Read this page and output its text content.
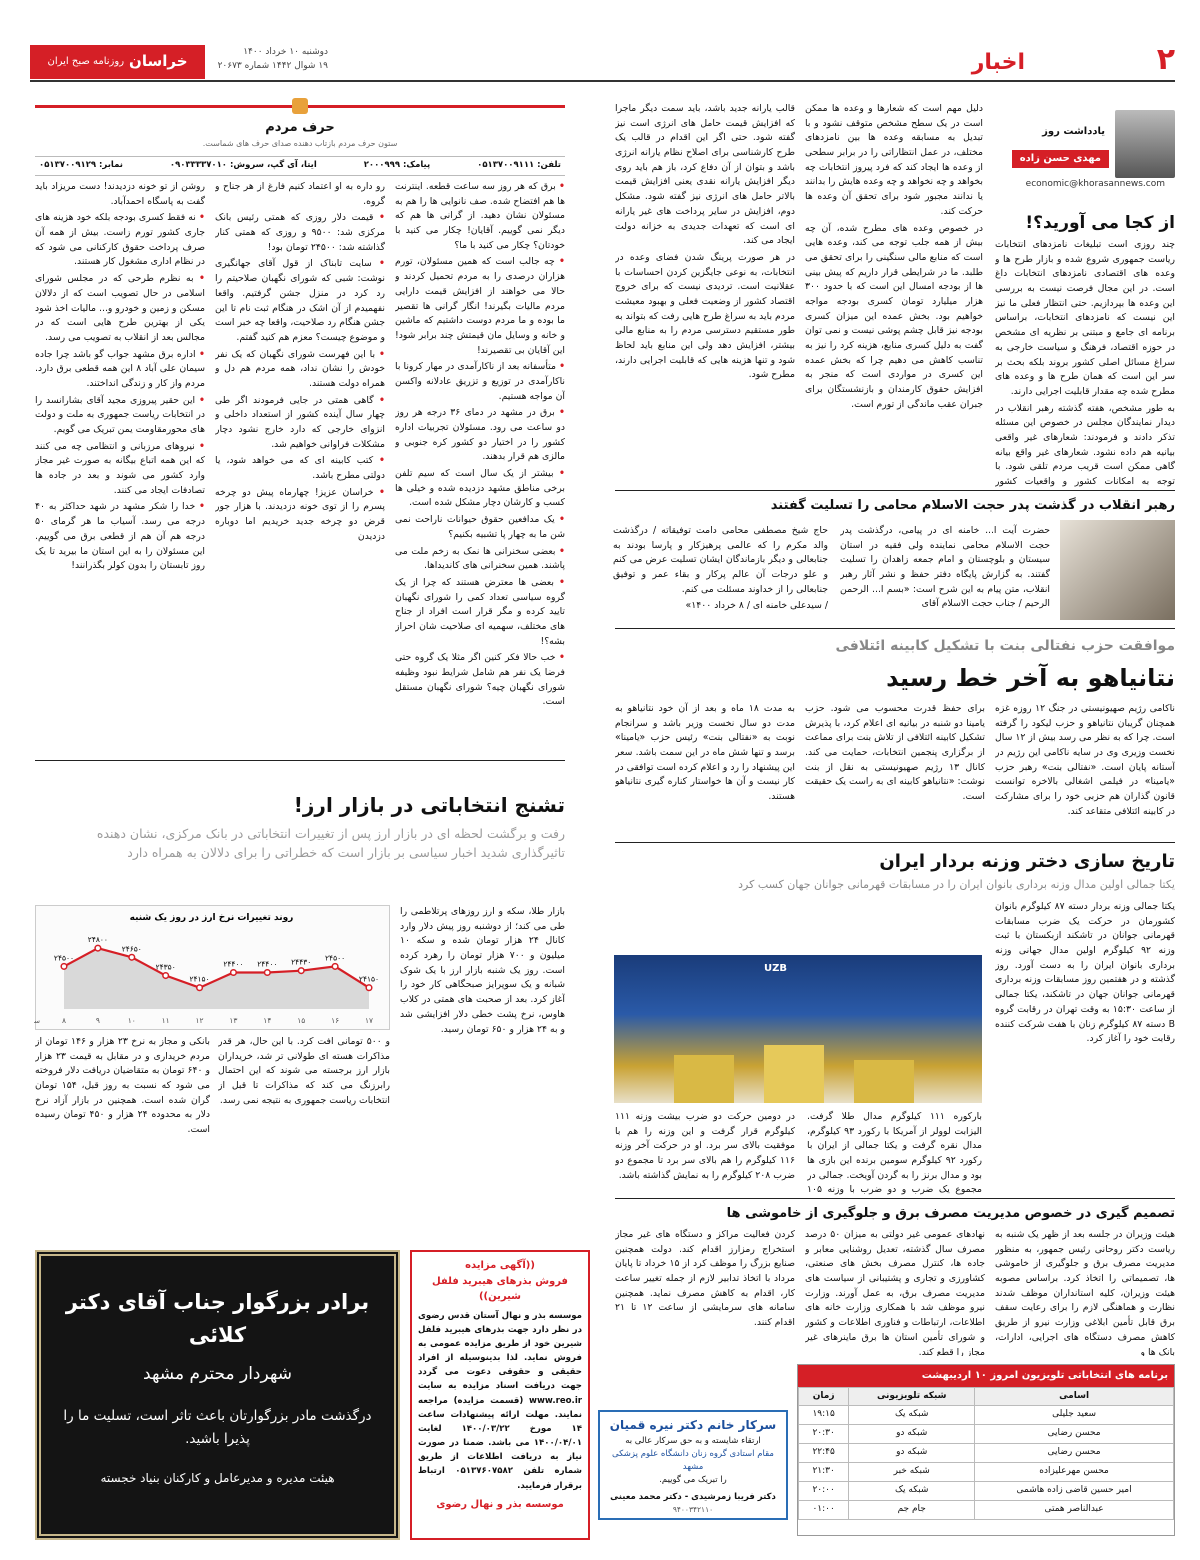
۲
اخبار
دوشنبه ۱۰ خرداد ۱۴۰۰
۱۹ شوال ۱۴۴۲ شماره ۲۰۶۷۳
خراسان
روزنامه صبح ایران
یادداشت روز
مهدی حسن زاده
economic@khorasannews.com
از کجا می آورید؟!

چند روزی است تبلیغات نامزدهای انتخابات ریاست جمهوری شروع شده و بازار طرح ها و وعده های اقتصادی نامزدهای انتخابات داغ است. در این مجال فرصت نیست به بررسی این وعده ها بپردازیم. حتی انتظار فعلی ما نیز این نیست که نامزدهای انتخابات، براساس برنامه ای جامع و مبتنی بر نظریه ای مشخص در حوزه اقتصاد، فرهنگ و سیاست خارجی به سراغ مسائل اصلی کشور بروند بلکه بحث بر سر این است که همان طرح ها و وعده های مطرح شده چه مقدار قابلیت اجرایی دارند.

به طور مشخص، هفته گذشته رهبر انقلاب در دیدار نمایندگان مجلس در خصوص این مسئله تذکر دادند و فرمودند: شعارهای غیر واقعی بیانیه هم داده نشود. شعارهای غیر واقع بیانه گاهی ممکن است قریب مردم تلقی شود. با توجه به امکانات کشور و واقعیات کشور

دلیل مهم است که شعارها و وعده ها ممکن است در یک سطح مشخص متوقف نشود و با تبدیل به مسابقه وعده ها بین نامزدهای مختلف، در عمل انتظاراتی را در برابر سطحی از وعده ها ایجاد کند که فرد پیروز انتخابات چه بخواهد و چه نخواهد و چه وعده هایش را بدانند یا ندانند مجبور شود برای تحقق آن وعده ها حرکت کند.

در خصوص وعده های مطرح شده، آن چه بیش از همه جلب توجه می کند، وعده هایی است که منابع مالی سنگینی را برای تحقق می طلبد. ما در شرایطی قرار داریم که پیش بینی ها از بودجه امسال این است که با حدود ۳۰۰ هزار میلیارد تومان کسری بودجه مواجه خواهیم بود. بخش عمده این میزان کسری بودجه نیز قابل چشم پوشی نیست و نمی توان گفت به دلیل کسری منابع، هزینه کرد را نیز به تناسب کاهش می دهیم چرا که بخش عمده این کسری در مواردی است که منجر به افزایش حقوق کارمندان و بازنشستگان برای جبران عقب ماندگی از تورم است.

قالب یارانه جدید باشد، باید سمت دیگر ماجرا که افزایش قیمت حامل های انرژی است نیز گفته شود. حتی اگر این اقدام در قالب یک طرح کارشناسی برای اصلاح نظام یارانه انرژی باشد و بتوان از آن دفاع کرد، باز هم باید روی دیگر افزایش یارانه نقدی یعنی افزایش قیمت بالاتر حامل های انرژی نیز گفته شود. مشکل دوم، افزایش در سایر پرداخت های غیر یارانه ای است که تعهدات جدیدی به خزانه دولت ایجاد می کند.

در هر صورت پرینگ شدن فضای وعده در انتخابات، به نوعی جایگزین کردن احساسات با عقلانیت است. تردیدی نیست که برای خروج اقتصاد کشور از وضعیت فعلی و بهبود معیشت مردم باید به سراغ طرح هایی رفت که بتواند به طور مستقیم دسترسی مردم را به منابع مالی بیشتر، افزایش دهد ولی این منابع باید لحاظ شود و تنها هزینه هایی که قابلیت اجرایی دارند، مطرح شود.

رهبر انقلاب در گذشت پدر حجت الاسلام محامی را تسلیت گفتند

حضرت آیت ا... خامنه ای در پیامی، درگذشت پدر حجت الاسلام محامی نماینده ولی فقیه در استان سیستان و بلوچستان و امام جمعه زاهدان را تسلیت گفتند. به گزارش پایگاه دفتر حفظ و نشر آثار رهبر انقلاب، متن پیام به این شرح است: «بسم ا... الرحمن الرحیم / جناب حجت الاسلام آقای

حاج شیخ مصطفی محامی دامت توفیقاته / درگذشت والد مکرم را که عالمی پرهیزکار و پارسا بودند به جنابعالی و دیگر بازماندگان ایشان تسلیت عرض می کنم و علو درجات آن عالم پرکار و بقاء عمر و توفیق جنابعالی را از خداوند مسئلت می کنم.

/ سیدعلی خامنه ای / ۸ خرداد ۱۴۰۰»

موافقت حزب نفتالی بنت با تشکیل کابینه ائتلافی
نتانیاهو به آخر خط رسید

ناکامی رژیم صهیونیستی در جنگ ۱۲ روزه غزه همچنان گریبان نتانیاهو و حزب لیکود را گرفته است. چرا که به نظر می رسد بیش از ۱۲ سال نخست وزیری وی در سایه ناکامی این رژیم در آستانه پایان است. «نفتالی بنت» رهبر حزب «یامینا» در فیلمی اشغالی بالاخره توانست قانون گذاران هم حزبی خود را برای مشارکت در کابینه ائتلافی متقاعد کند.

برای حفظ قدرت محسوب می شود. حزب یامینا دو شنبه در بیانیه ای اعلام کرد، با پذیرش تشکیل کابینه ائتلافی از تلاش بنت برای مماعت از برگزاری پنجمین انتخابات، حمایت می کند. کانال ۱۳ رژیم صهیونیستی به نقل از بنت نوشت: «نتانیاهو کابینه ای به راست یک حقیقت است.

به مدت ۱۸ ماه و بعد از آن خود نتانیاهو به مدت دو سال نخست وزیر باشد و سرانجام نوبت به «نفتالی بنت» رئیس حزب «یامینا» برسد و تنها شش ماه در این سمت باشد. سعر این پیشنهاد را رد و اعلام کرده است توافقی در کار نیست و آن ها خواستار کناره گیری نتانیاهو هستند.

تاریخ سازی دختر وزنه بردار ایران
یکتا جمالی اولین مدال وزنه برداری بانوان ایران را در مسابقات قهرمانی جوانان جهان کسب کرد

یکتا جمالی وزنه بردار دسته ۸۷ کیلوگرم بانوان کشورمان در حرکت یک ضرب مسابقات قهرمانی جوانان در تاشکند ازبکستان با ثبت وزنه ۹۲ کیلوگرم اولین مدال جهانی وزنه برداری بانوان ایران را به دست آورد. روز گذشته و در هفتمین روز مسابقات وزنه برداری قهرمانی جوانان جهان در تاشکند، یکتا جمالی از ساعت ۱۵:۳۰ به وقت تهران در رقابت گروه B دسته ۸۷ کیلوگرم زنان با هفت شرکت کننده رقابت خود را آغاز کرد.

UZB

بارکوره ۱۱۱ کیلوگرم مدال طلا گرفت. الیزابت لوولر از آمریکا با رکورد ۹۳ کیلوگرم، مدال نقره گرفت و یکتا جمالی از ایران با رکورد ۹۲ کیلوگرم سومین برنده این بازی ها بود و مدال برنز را به گردن آویخت. جمالی در مجموع یک ضرب و دو ضرب با وزنه ۱۰۵

در دومین حرکت دو ضرب بیشت وزنه ۱۱۱ کیلوگرم قرار گرفت و این وزنه را هم با موفقیت بالای سر برد. او در حرکت آخر وزنه ۱۱۶ کیلوگرم را هم بالای سر برد تا مجموع دو ضرب ۲۰۸ کیلوگرم را به نمایش گذاشته باشد.

تصمیم گیری در خصوص مدیریت مصرف برق و جلوگیری از خاموشی ها

هیئت وزیران در جلسه بعد از ظهر یک شنبه به ریاست دکتر روحانی رئیس جمهور، به منظور مدیریت مصرف برق و جلوگیری از خاموشی ها، تصمیماتی را اتخاذ کرد. براساس مصوبه هیئت وزیران، کلیه استانداران موظف شدند نظارت و هماهنگی لازم را برای رعایت سقف برق قابل تأمین ابلاغی وزارت نیرو از طریق کاهش مصرف دستگاه های اجرایی، ادارات، بانک ها و

نهادهای عمومی غیر دولتی به میزان ۵۰ درصد مصرف سال گذشته، تعدیل روشنایی معابر و جاده ها، کنترل مصرف بخش های صنعتی، کشاورزی و تجاری و پشتیبانی از سیاست های مدیریت مصرف برق، به عمل آورند. وزارت نیرو موظف شد با همکاری وزارت خانه های اطلاعات، ارتباطات و فناوری اطلاعات و کشور و شورای تأمین استان ها برق ماینرهای غیر مجاز را قطع کند.

کردن فعالیت مراکز و دستگاه های غیر مجاز استخراج رمزارز اقدام کند. دولت همچنین صنایع بزرگ را موظف کرد از ۱۵ خرداد تا پایان مرداد با اتخاذ تدابیر لازم از جمله تغییر ساعت کار، اقدام به کاهش مصرف نماید. همچنین سامانه های سرمایشی از ساعت ۱۲ تا ۲۱ اقدام کنند.

برنامه های انتخاباتی تلویزیون امروز ۱۰ اردیبهشت
اسامی	شبکه تلویزیونی	زمان
سعید جلیلی	شبکه یک	۱۹:۱۵
محسن رضایی	شبکه دو	۲۰:۳۰
محسن رضایی	شبکه دو	۲۲:۴۵
محسن مهرعلیزاده	شبکه خبر	۲۱:۳۰
امیر حسین قاضی زاده هاشمی	شبکه یک	۲۰:۰۰
عبدالناصر همتی	جام جم	۰۱:۰۰
سرکار خانم دکتر نیره قمیان
ارتقاء شایسته و به حق سرکار عالی به
مقام استادی گروه زنان دانشگاه علوم پزشکی مشهد
را تبریک می گوییم.
دکتر فریبا زمرشیدی - دکتر محمد معینی
۹۴۰۰۳۴۲۱۱۰
حرف مردم
ستون حرف مردم بازتاب دهنده صدای حرف های شماست.
تلفن: ۰۵۱۳۷۰۰۹۱۱۱
پیامک: ۲۰۰۰۹۹۹
ایتا، آی گپ، سروش: ۰۹۰۳۳۳۳۷۰۱۰
نمابر: ۰۵۱۳۷۰۰۹۱۲۹

• برق که هر روز سه ساعت قطعه. اینترنت ها هم افتضاح شده. صف نانوایی ها را هم به مسئولان نشان دهید. از گرانی ها هم که دیگر نمی گوییم. آقایان! چکار می کنید با خودتان؟ چکار می کنید با ما؟

• چه جالب است که همین مسئولان، تورم هزاران درصدی را به مردم تحمیل کردند و حالا می خواهند از افزایش قیمت دارایی مردم مالیات بگیرند! انگار گرانی ها تقصیر ما بوده و ما مردم دوست داشتیم که ماشین و خانه و وسایل مان قیمتش چند برابر شود! این آقایان بی تقصیرند!

• متأسفانه بعد از ناکارآمدی در مهار کرونا با ناکارآمدی در توزیع و تزریق عادلانه واکسن آن مواجه هستیم.

• برق در مشهد در دمای ۳۶ درجه هر روز دو ساعت می رود. مسئولان تجربیات اداره کشور را در اختیار دو کشور کره جنوبی و مالزی هم قرار بدهند.

• بیشتر از یک سال است که سیم تلفن برخی مناطق مشهد دزدیده شده و خیلی ها کسب و کارشان دچار مشکل شده است.

• یک مدافعین حقوق حیوانات ناراحت نمی شن ما به چهار پا تشبیه بکنیم؟

• بعضی سخنرانی ها نمک به زخم ملت می پاشند. همین سخنرانی های کاندیداها.

• بعضی ها معترض هستند که چرا از یک گروه سیاسی تعداد کمی را شورای نگهبان تایید کرده و مگر قرار است افراد از جناح های مختلف، سهمیه ای صلاحیت شان احراز بشه؟!

• خب حالا فکر کنین اگر مثلا یک گروه حتی فرضا یک نفر هم شامل شرایط نبود وظیفه شورای نگهبان چیه؟ شورای نگهبان مستقل است.

رو داره به او اعتماد کنیم فارغ از هر جناح و گروه.

• قیمت دلار روزی که همتی رئیس بانک مرکزی شد: ۹۵۰۰ و روزی که همتی کنار گذاشته شد: ۲۴۵۰۰ تومان بود!

• سایت تابناک از قول آقای جهانگیری نوشت: شبی که شورای نگهبان صلاحیتم را رد کرد در منزل جشن گرفتیم. واقعا نفهمیدم از آن اشک در هنگام ثبت نام تا این جشن هنگام رد صلاحیت، واقعا چه خبر است و موضوع چیست؟ معزم هم کنید گفتم.

• با این فهرست شورای نگهبان که یک نفر خودش را نشان نداد، همه مردم هم دل و همراه دولت هستند.

• گاهی همتی در جایی فرمودند اگر طی چهار سال آینده کشور از استعداد داخلی و انزوای خارجی که دارد خارج نشود دچار مشکلات فراوانی خواهیم شد.

• کتب کابینه ای که می خواهد شود، یا دولتی مطرح باشد.

• خراسان عزیز! چهارماه پیش دو چرخه پسرم را از توی خونه دزدیدند. با هزار جور قرض دو چرخه جدید خریدیم اما دوباره دزدیدن

روشن از تو خونه دزدیدند! دست مریزاد باید گفت به پاسگاه احمدآباد.

• نه فقط کسری بودجه بلکه خود هزینه های جاری کشور تورم زاست. بیش از همه آن صرف پرداخت حقوق کارکنانی می شود که در نظام اداری مشغول کار هستند.

• به نظرم طرحی که در مجلس شورای اسلامی در حال تصویب است که از دلالان مسکن و زمین و خودرو و... مالیات اخذ شود یکی از بهترین طرح هایی است که در مجالس بعد از انقلاب به تصویب می رسد.

• اداره برق مشهد جواب گو باشد چرا جاده سیمان علی آباد ۸ این همه قطعی برق دارد. مردم واز کار و زندگی انداختند.

• این حقیر پیروزی مجید آقای بشارانسد را در انتخابات ریاست جمهوری به ملت و دولت های محورمقاومت یمن تبریک می گویم.

• نیروهای مرزبانی و انتظامی چه می کنند که این همه اتباع بیگانه به صورت غیر مجاز وارد کشور می شوند و بعد در جاده ها تصادفات ایجاد می کنند.

• خدا را شکر مشهد در شهد حداکثر به ۴۰ درجه می رسد. آسیاب ما هر گرمای ۵۰ درجه هم آن هم از قطعی برق می گوییم. این مسئولان را به این استان ما بیرید تا یک روز تابستان را بدون کولر بگذرانند!

تشنج انتخاباتی در بازار ارز!
رفت و برگشت لحظه ای در بازار ارز پس از تغییرات انتخاباتی در بانک مرکزی، نشان دهنده
تاثیرگذاری شدید اخبار سیاسی بر بازار است که خطراتی را برای دلالان به همراه دارد
روند تغییرات نرخ ارز در روز یک شنبه
۲۴۵۰۰
۸
۲۴۸۰۰
۹
۲۴۶۵۰
۱۰
۲۴۳۵۰
۱۱
۲۴۱۵۰
۱۲
۲۴۴۰۰
۱۳
۲۴۴۰۰
۱۴
۲۴۴۳۰
۱۵
۲۴۵۰۰
۱۶
۲۴۱۵۰
۱۷
س

بازار طلا، سکه و ارز روزهای پرتلاطمی را طی می کند؛ از دوشنبه روز پیش دلار وارد کانال ۲۴ هزار تومان شده و سکه ۱۰ میلیون و ۷۰۰ هزار تومان را رهرد کرده است. روز یک شنبه بازار ارز با یک شوک شبانه و یک سوپرایز صبحگاهی کار خود را آغاز کرد. بعد از صحبت های همتی در کلاب هاوس، نرخ پشت خطی دلار افزایشی شد و به ۲۴ هزار و ۶۵۰ تومان رسید.

و ۵۰۰ تومانی افت کرد. با این حال، هر قدر مذاکرات هسته ای طولانی تر شد، خریداران بازار ارز برجسته می شوند که این احتمال رابرزنگ می کند که مذاکرات تا قبل از انتخابات ریاست جمهوری به نتیجه نمی رسد.

بانکی و مجاز به نرخ ۲۳ هزار و ۱۴۶ تومان از مردم خریداری و در مقابل به قیمت ۲۳ هزار و ۶۴۰ تومان به متقاضیان دریافت دلار فروخته می شود که نسبت به روز قبل، ۱۵۴ تومان گران شده است. همچنین در بازار آزاد نرخ دلار به محدوده ۲۴ هزار و ۴۵۰ تومان رسیده است.

((آگهی مزایده
فروش بذرهای هیبرید فلفل شیرین))
موسسه بذر و نهال آستان قدس رضوی در نظر دارد جهت بذرهای هیبرید فلفل شیرین خود از طریق مزایده عمومی به فروش نماید. لذا بدینوسیله از افراد حقیقی و حقوقی دعوت می گردد جهت دریافت اسناد مزایده به سایت www.reo.ir (قسمت مزایده) مراجعه نمایند. مهلت ارائه پیشنهادات ساعت ۱۴ مورخ ۱۴۰۰/۰۳/۲۲ لغایت ۱۴۰۰/۰۴/۰۱ می باشد. ضمنا در صورت نیاز به دریافت اطلاعات از طریق شماره تلفن ۰۵۱۳۷۶۰۷۵۸۲ ارتباط برقرار فرمایید.
موسسه بذر و نهال رضوی
برادر بزرگوار جناب آقای دکتر کلائی
شهردار محترم مشهد
درگذشت مادر بزرگوارتان باعث تاثر است، تسلیت ما را پذیرا باشید.
هیئت مدیره و مدیرعامل و کارکنان بنیاد خجسته
